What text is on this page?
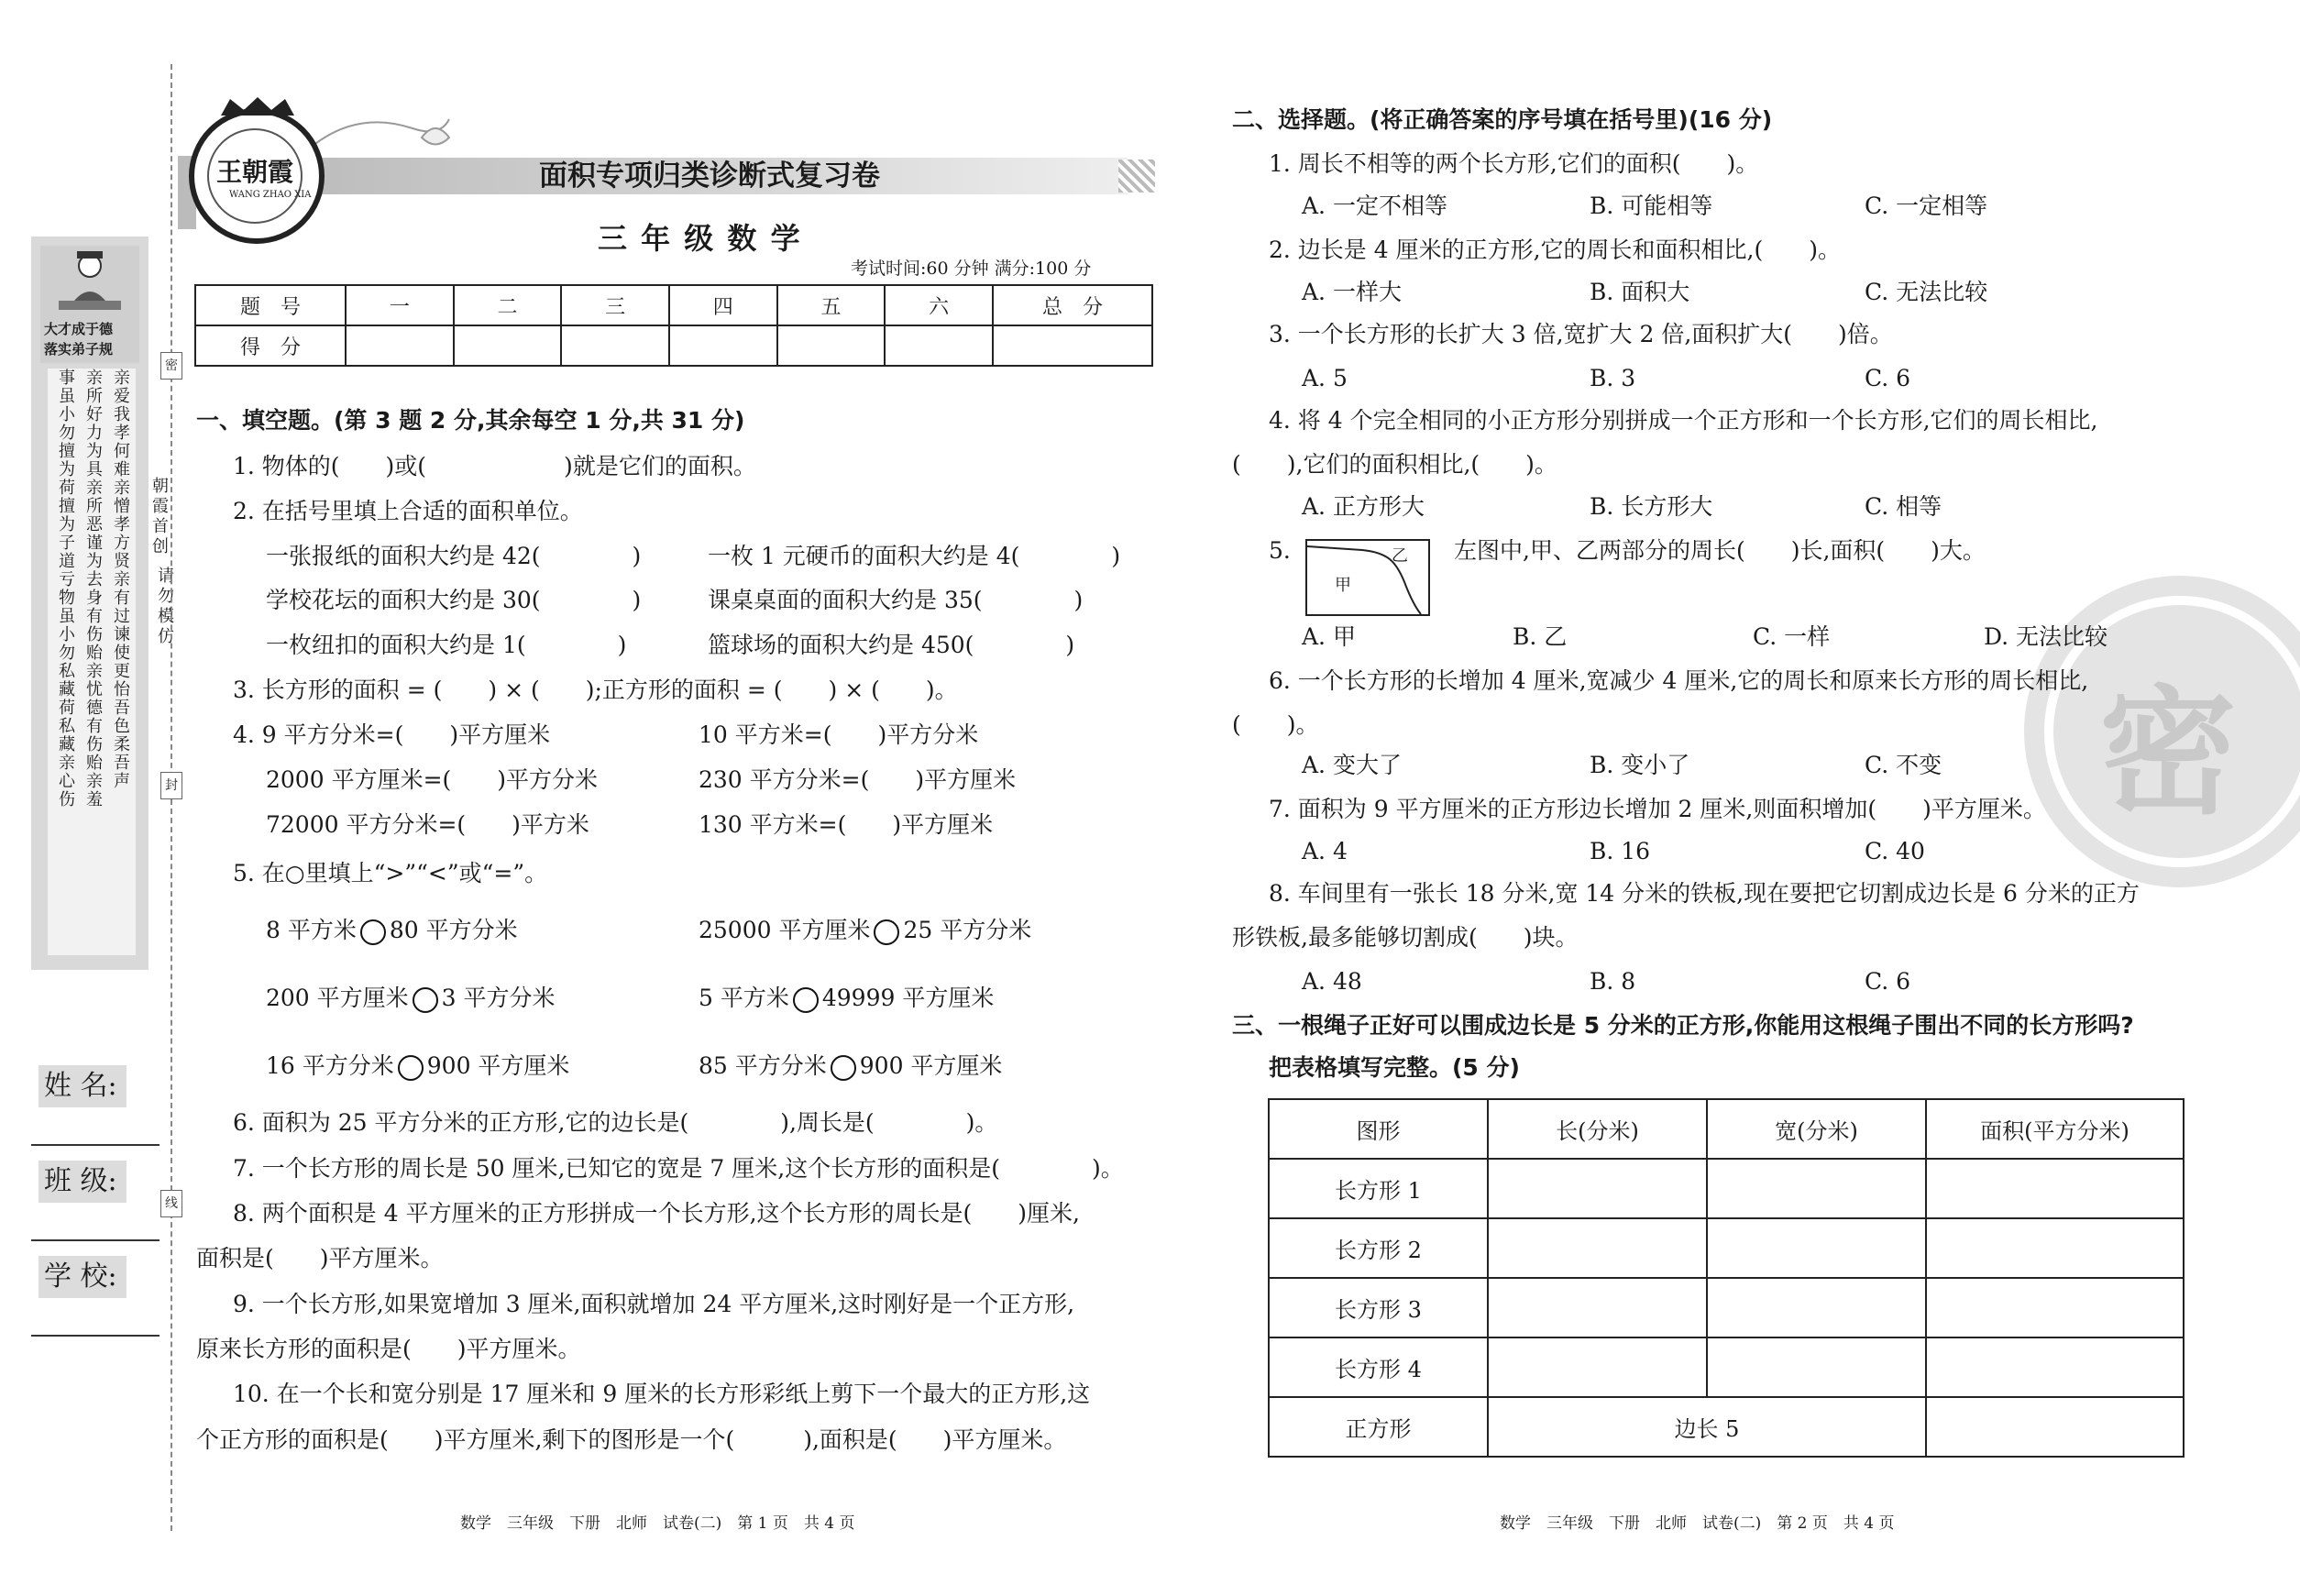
大才成于德
落实弟子规
亲爱我孝何难亲憎孝方贤亲有过谏使更怡吾色柔吾声
亲所好力为具亲所恶谨为去身有伤贻亲忧德有伤贻亲羞
事虽小勿擅为荷擅为子道亏物虽小勿私藏荷私藏亲心伤	朝霞首创
请勿模仿
密
封
线
姓 名:
班 级:
学 校:
王朝霞
WANG ZHAO XIA
面积专项归类诊断式复习卷
三 年 级 数 学
考试时间:60 分钟 满分:100 分
题　号	一	二	三	四	五	六	总　分
得　分							
一、填空题。(第 3 题 2 分,其余每空 1 分,共 31 分)
1. 物体的(　　)或(　　　　　　)就是它们的面积。
2. 在括号里填上合适的面积单位。
一张报纸的面积大约是 42(　　　　)	一枚 1 元硬币的面积大约是 4(　　　　)
学校花坛的面积大约是 30(　　　　)	课桌桌面的面积大约是 35(　　　　)
一枚纽扣的面积大约是 1(　　　　)	篮球场的面积大约是 450(　　　　)
3. 长方形的面积 = (　　) × (　　);正方形的面积 = (　　) × (　　)。
4. 9 平方分米=(　　)平方厘米	10 平方米=(　　)平方分米
2000 平方厘米=(　　)平方分米	230 平方分米=(　　)平方厘米
72000 平方分米=(　　)平方米	130 平方米=(　　)平方厘米
5. 在○里填上“>”“<”或“=”。
8 平方米 80 平方分米	25000 平方厘米 25 平方分米
200 平方厘米 3 平方分米	5 平方米 49999 平方厘米
16 平方分米 900 平方厘米	85 平方分米 900 平方厘米
6. 面积为 25 平方分米的正方形,它的边长是(　　　　),周长是(　　　　)。
7. 一个长方形的周长是 50 厘米,已知它的宽是 7 厘米,这个长方形的面积是(　　　　)。
8. 两个面积是 4 平方厘米的正方形拼成一个长方形,这个长方形的周长是(　　)厘米,
面积是(　　)平方厘米。
9. 一个长方形,如果宽增加 3 厘米,面积就增加 24 平方厘米,这时刚好是一个正方形,
原来长方形的面积是(　　)平方厘米。
10. 在一个长和宽分别是 17 厘米和 9 厘米的长方形彩纸上剪下一个最大的正方形,这
个正方形的面积是(　　)平方厘米,剩下的图形是一个(　　　),面积是(　　)平方厘米。
数学　三年级　下册　北师　试卷(二)　第 1 页　共 4 页
密
二、选择题。(将正确答案的序号填在括号里)(16 分)
1. 周长不相等的两个长方形,它们的面积(　　)。
A. 一定不相等	B. 可能相等	C. 一定相等
2. 边长是 4 厘米的正方形,它的周长和面积相比,(　　)。
A. 一样大	B. 面积大	C. 无法比较
3. 一个长方形的长扩大 3 倍,宽扩大 2 倍,面积扩大(　　)倍。
A. 5	B. 3	C. 6
4. 将 4 个完全相同的小正方形分别拼成一个正方形和一个长方形,它们的周长相比,
(　　),它们的面积相比,(　　)。
A. 正方形大	B. 长方形大	C. 相等
5.
甲
乙 左图中,甲、乙两部分的周长(　　)长,面积(　　)大。
A. 甲	B. 乙	C. 一样	D. 无法比较
6. 一个长方形的长增加 4 厘米,宽减少 4 厘米,它的周长和原来长方形的周长相比,
(　　)。
A. 变大了	B. 变小了	C. 不变
7. 面积为 9 平方厘米的正方形边长增加 2 厘米,则面积增加(　　)平方厘米。
A. 4	B. 16	C. 40
8. 车间里有一张长 18 分米,宽 14 分米的铁板,现在要把它切割成边长是 6 分米的正方
形铁板,最多能够切割成(　　)块。
A. 48	B. 8	C. 6
三、一根绳子正好可以围成边长是 5 分米的正方形,你能用这根绳子围出不同的长方形吗?
把表格填写完整。(5 分)
图形	长(分米)	宽(分米)	面积(平方分米)
长方形 1			
长方形 2			
长方形 3			
长方形 4			
正方形	边长 5		
数学　三年级　下册　北师　试卷(二)　第 2 页　共 4 页
